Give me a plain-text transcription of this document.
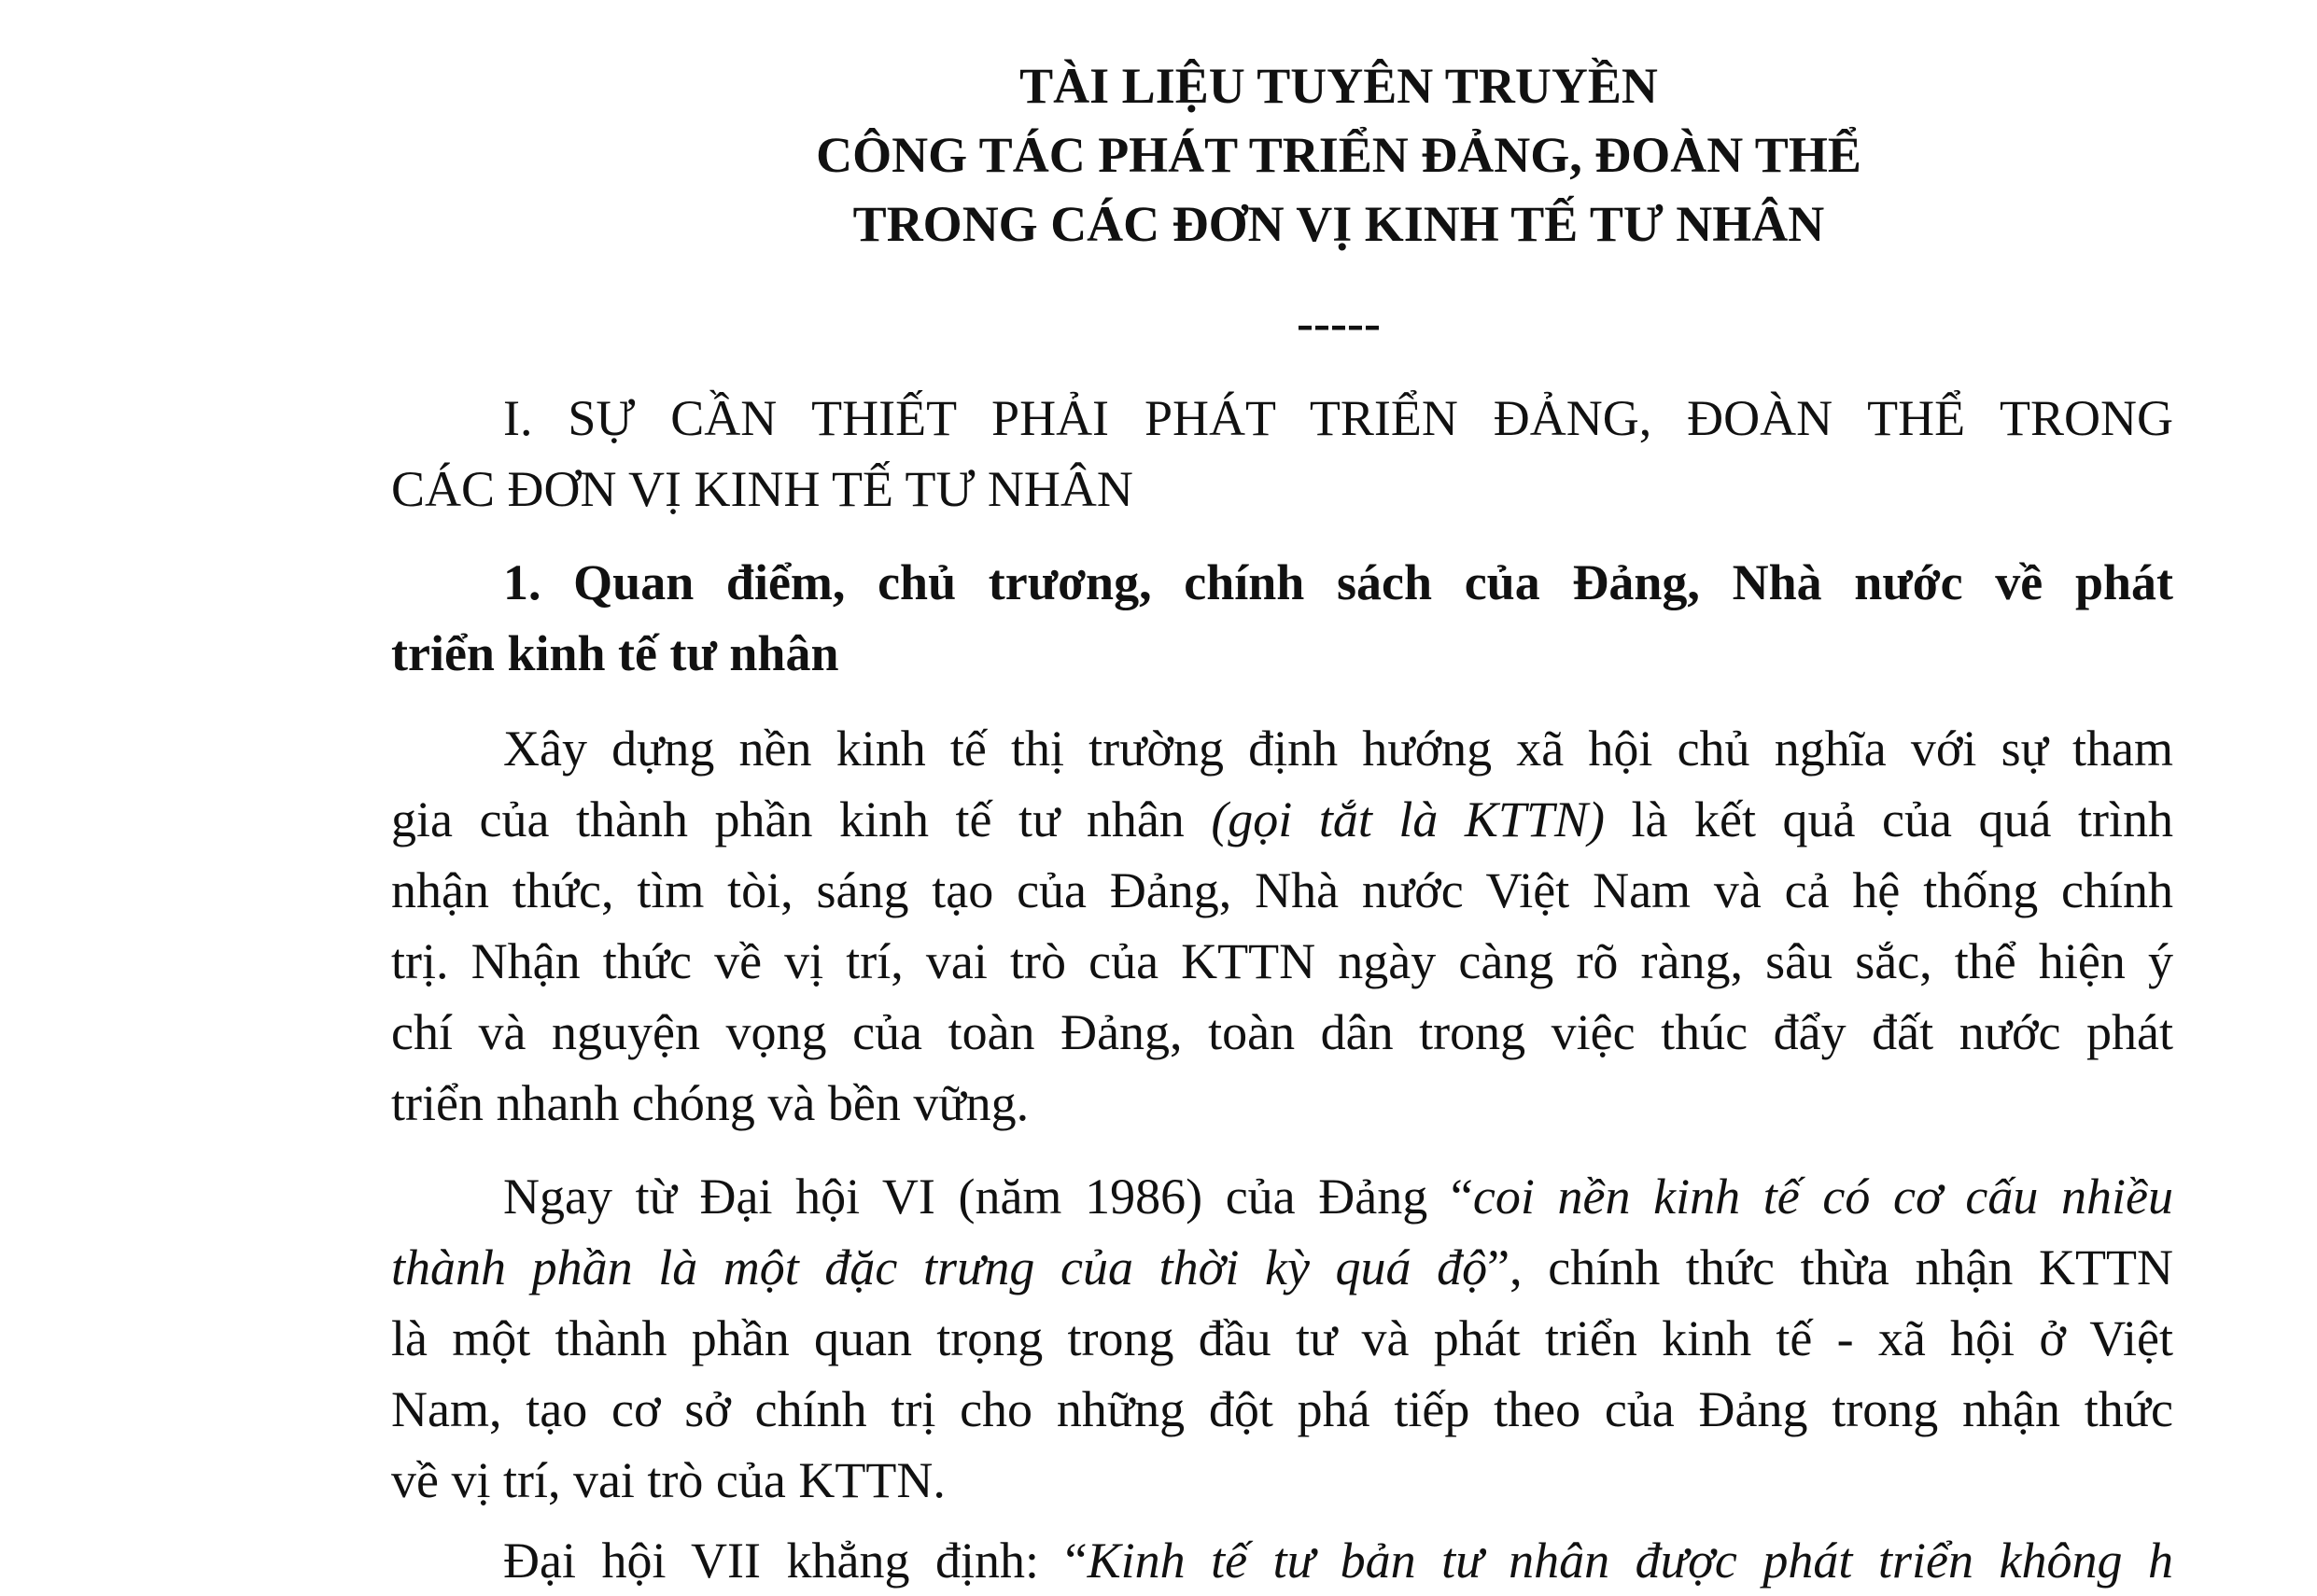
TÀI LIỆU TUYÊN TRUYỀN
CÔNG TÁC PHÁT TRIỂN ĐẢNG, ĐOÀN THỂ
TRONG CÁC ĐƠN VỊ KINH TẾ TƯ NHÂN
-----
I. SỰ CẦN THIẾT PHẢI PHÁT TRIỂN ĐẢNG, ĐOÀN THỂ TRONG
CÁC ĐƠN VỊ KINH TẾ TƯ NHÂN
1. Quan điểm, chủ trương, chính sách của Đảng, Nhà nước về phát
triển kinh tế tư nhân
Xây dựng nền kinh tế thị trường định hướng xã hội chủ nghĩa với sự tham
gia của thành phần kinh tế tư nhân (gọi tắt là KTTN) là kết quả của quá trình
nhận thức, tìm tòi, sáng tạo của Đảng, Nhà nước Việt Nam và cả hệ thống chính
trị. Nhận thức về vị trí, vai trò của KTTN ngày càng rõ ràng, sâu sắc, thể hiện ý
chí và nguyện vọng của toàn Đảng, toàn dân trong việc thúc đẩy đất nước phát
triển nhanh chóng và bền vững.
Ngay từ Đại hội VI (năm 1986) của Đảng “coi nền kinh tế có cơ cấu nhiều
thành phần là một đặc trưng của thời kỳ quá độ”, chính thức thừa nhận KTTN
là một thành phần quan trọng trong đầu tư và phát triển kinh tế - xã hội ở Việt
Nam, tạo cơ sở chính trị cho những đột phá tiếp theo của Đảng trong nhận thức
về vị trí, vai trò của KTTN.
Đại hội VII khẳng định: “Kinh tế tư bản tư nhân được phát triển không h
